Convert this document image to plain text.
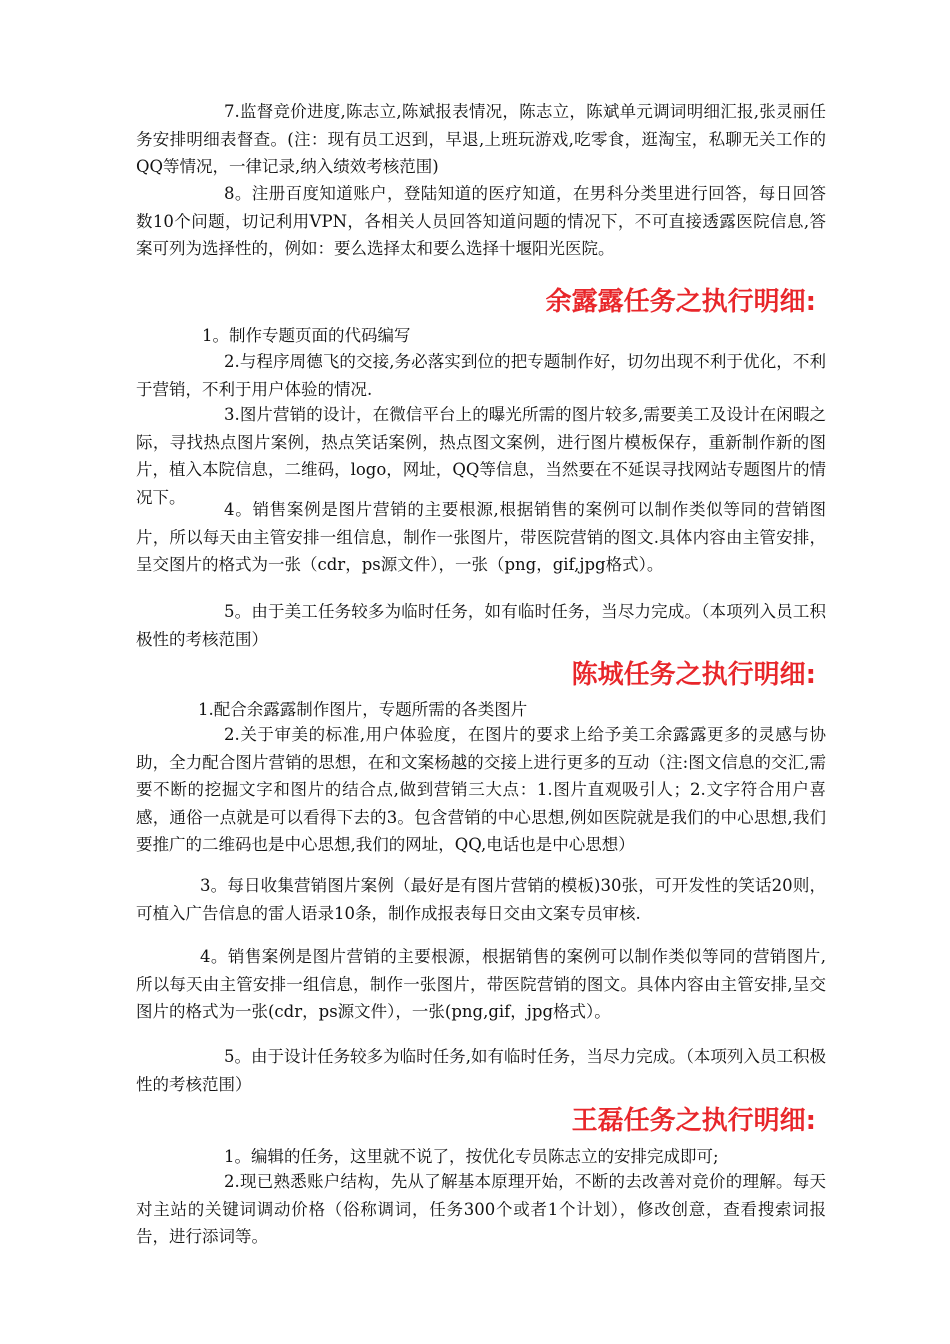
7.监督竞价进度,陈志立,陈斌报表情况，陈志立，陈斌单元调词明细汇报,张灵丽任务安排明细表督查。(注：现有员工迟到，早退,上班玩游戏,吃零食，逛淘宝，私聊无关工作的QQ等情况，一律记录,纳入绩效考核范围)

8。注册百度知道账户，登陆知道的医疗知道，在男科分类里进行回答，每日回答数10个问题，切记利用VPN，各相关人员回答知道问题的情况下，不可直接透露医院信息,答案可列为选择性的，例如：要么选择太和要么选择十堰阳光医院。

余露露任务之执行明细:

1。制作专题页面的代码编写

2.与程序周德飞的交接,务必落实到位的把专题制作好，切勿出现不利于优化，不利于营销，不利于用户体验的情况.

3.图片营销的设计，在微信平台上的曝光所需的图片较多,需要美工及设计在闲暇之际，寻找热点图片案例，热点笑话案例，热点图文案例，进行图片模板保存，重新制作新的图片，植入本院信息，二维码，logo，网址，QQ等信息，当然要在不延误寻找网站专题图片的情况下。

4。销售案例是图片营销的主要根源,根据销售的案例可以制作类似等同的营销图片，所以每天由主管安排一组信息，制作一张图片，带医院营销的图文.具体内容由主管安排，呈交图片的格式为一张（cdr，ps源文件），一张（png，gif,jpg格式）。

5。由于美工任务较多为临时任务，如有临时任务，当尽力完成。（本项列入员工积极性的考核范围）

陈城任务之执行明细:

1.配合余露露制作图片，专题所需的各类图片

2.关于审美的标准,用户体验度，在图片的要求上给予美工余露露更多的灵感与协助，全力配合图片营销的思想，在和文案杨越的交接上进行更多的互动（注:图文信息的交汇,需要不断的挖掘文字和图片的结合点,做到营销三大点：1.图片直观吸引人；2.文字符合用户喜感，通俗一点就是可以看得下去的3。包含营销的中心思想,例如医院就是我们的中心思想,我们要推广的二维码也是中心思想,我们的网址，QQ,电话也是中心思想）

3。每日收集营销图片案例（最好是有图片营销的模板)30张，可开发性的笑话20则，可植入广告信息的雷人语录10条，制作成报表每日交由文案专员审核.

4。销售案例是图片营销的主要根源，根据销售的案例可以制作类似等同的营销图片,所以每天由主管安排一组信息，制作一张图片，带医院营销的图文。具体内容由主管安排,呈交图片的格式为一张(cdr，ps源文件），一张(png,gif，jpg格式）。

5。由于设计任务较多为临时任务,如有临时任务，当尽力完成。（本项列入员工积极性的考核范围）

王磊任务之执行明细:

1。编辑的任务，这里就不说了，按优化专员陈志立的安排完成即可;

2.现已熟悉账户结构，先从了解基本原理开始，不断的去改善对竞价的理解。每天对主站的关键词调动价格（俗称调词，任务300个或者1个计划），修改创意，查看搜索词报告，进行添词等。
